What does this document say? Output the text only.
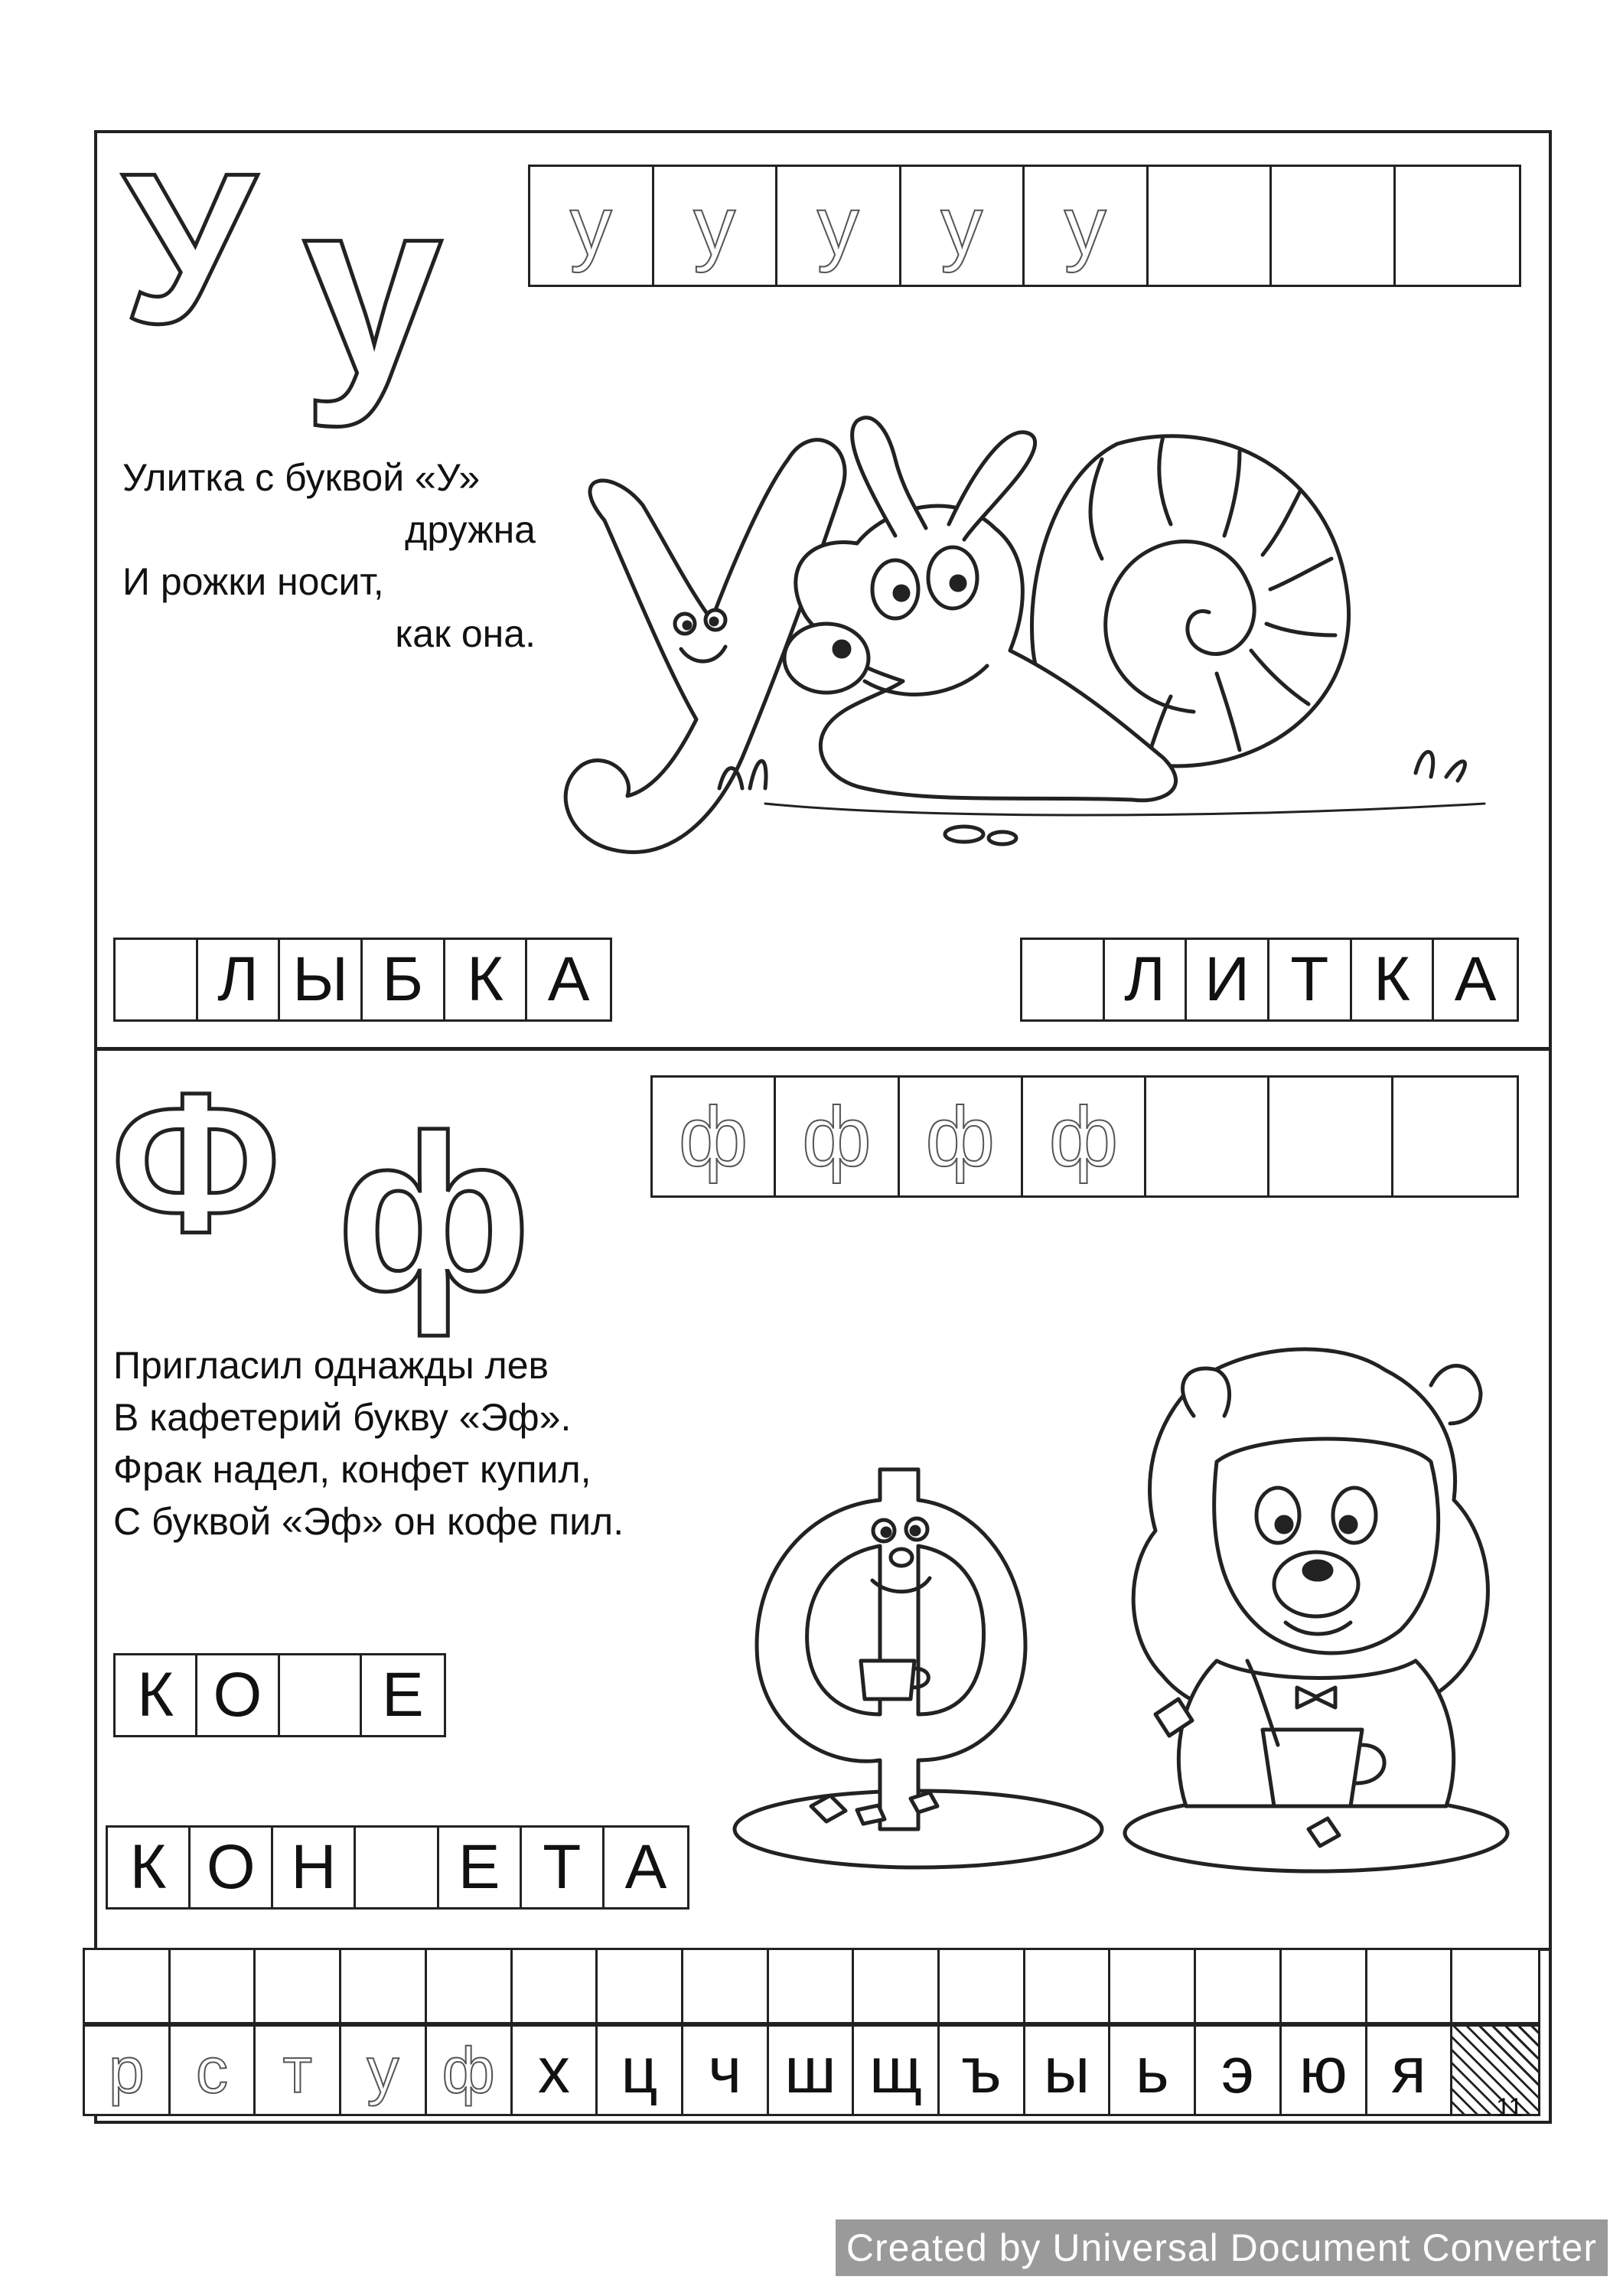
У у	у у у у у
Улитка с буквой «У»
дружна
И рожки носит,
как она.
Л Ы Б К А	Л И Т К А
Ф ф	ф ф ф ф
Пригласил однажды лев
В кафетерий букву «Эф».
Фрак надел, конфет купил,
С буквой «Эф» он кофе пил.
К О	Е
К О Н	Е Т А
р с т у ф х ц ч ш щ ъ ы ь э ю я
11
Created by Universal Document Converter
